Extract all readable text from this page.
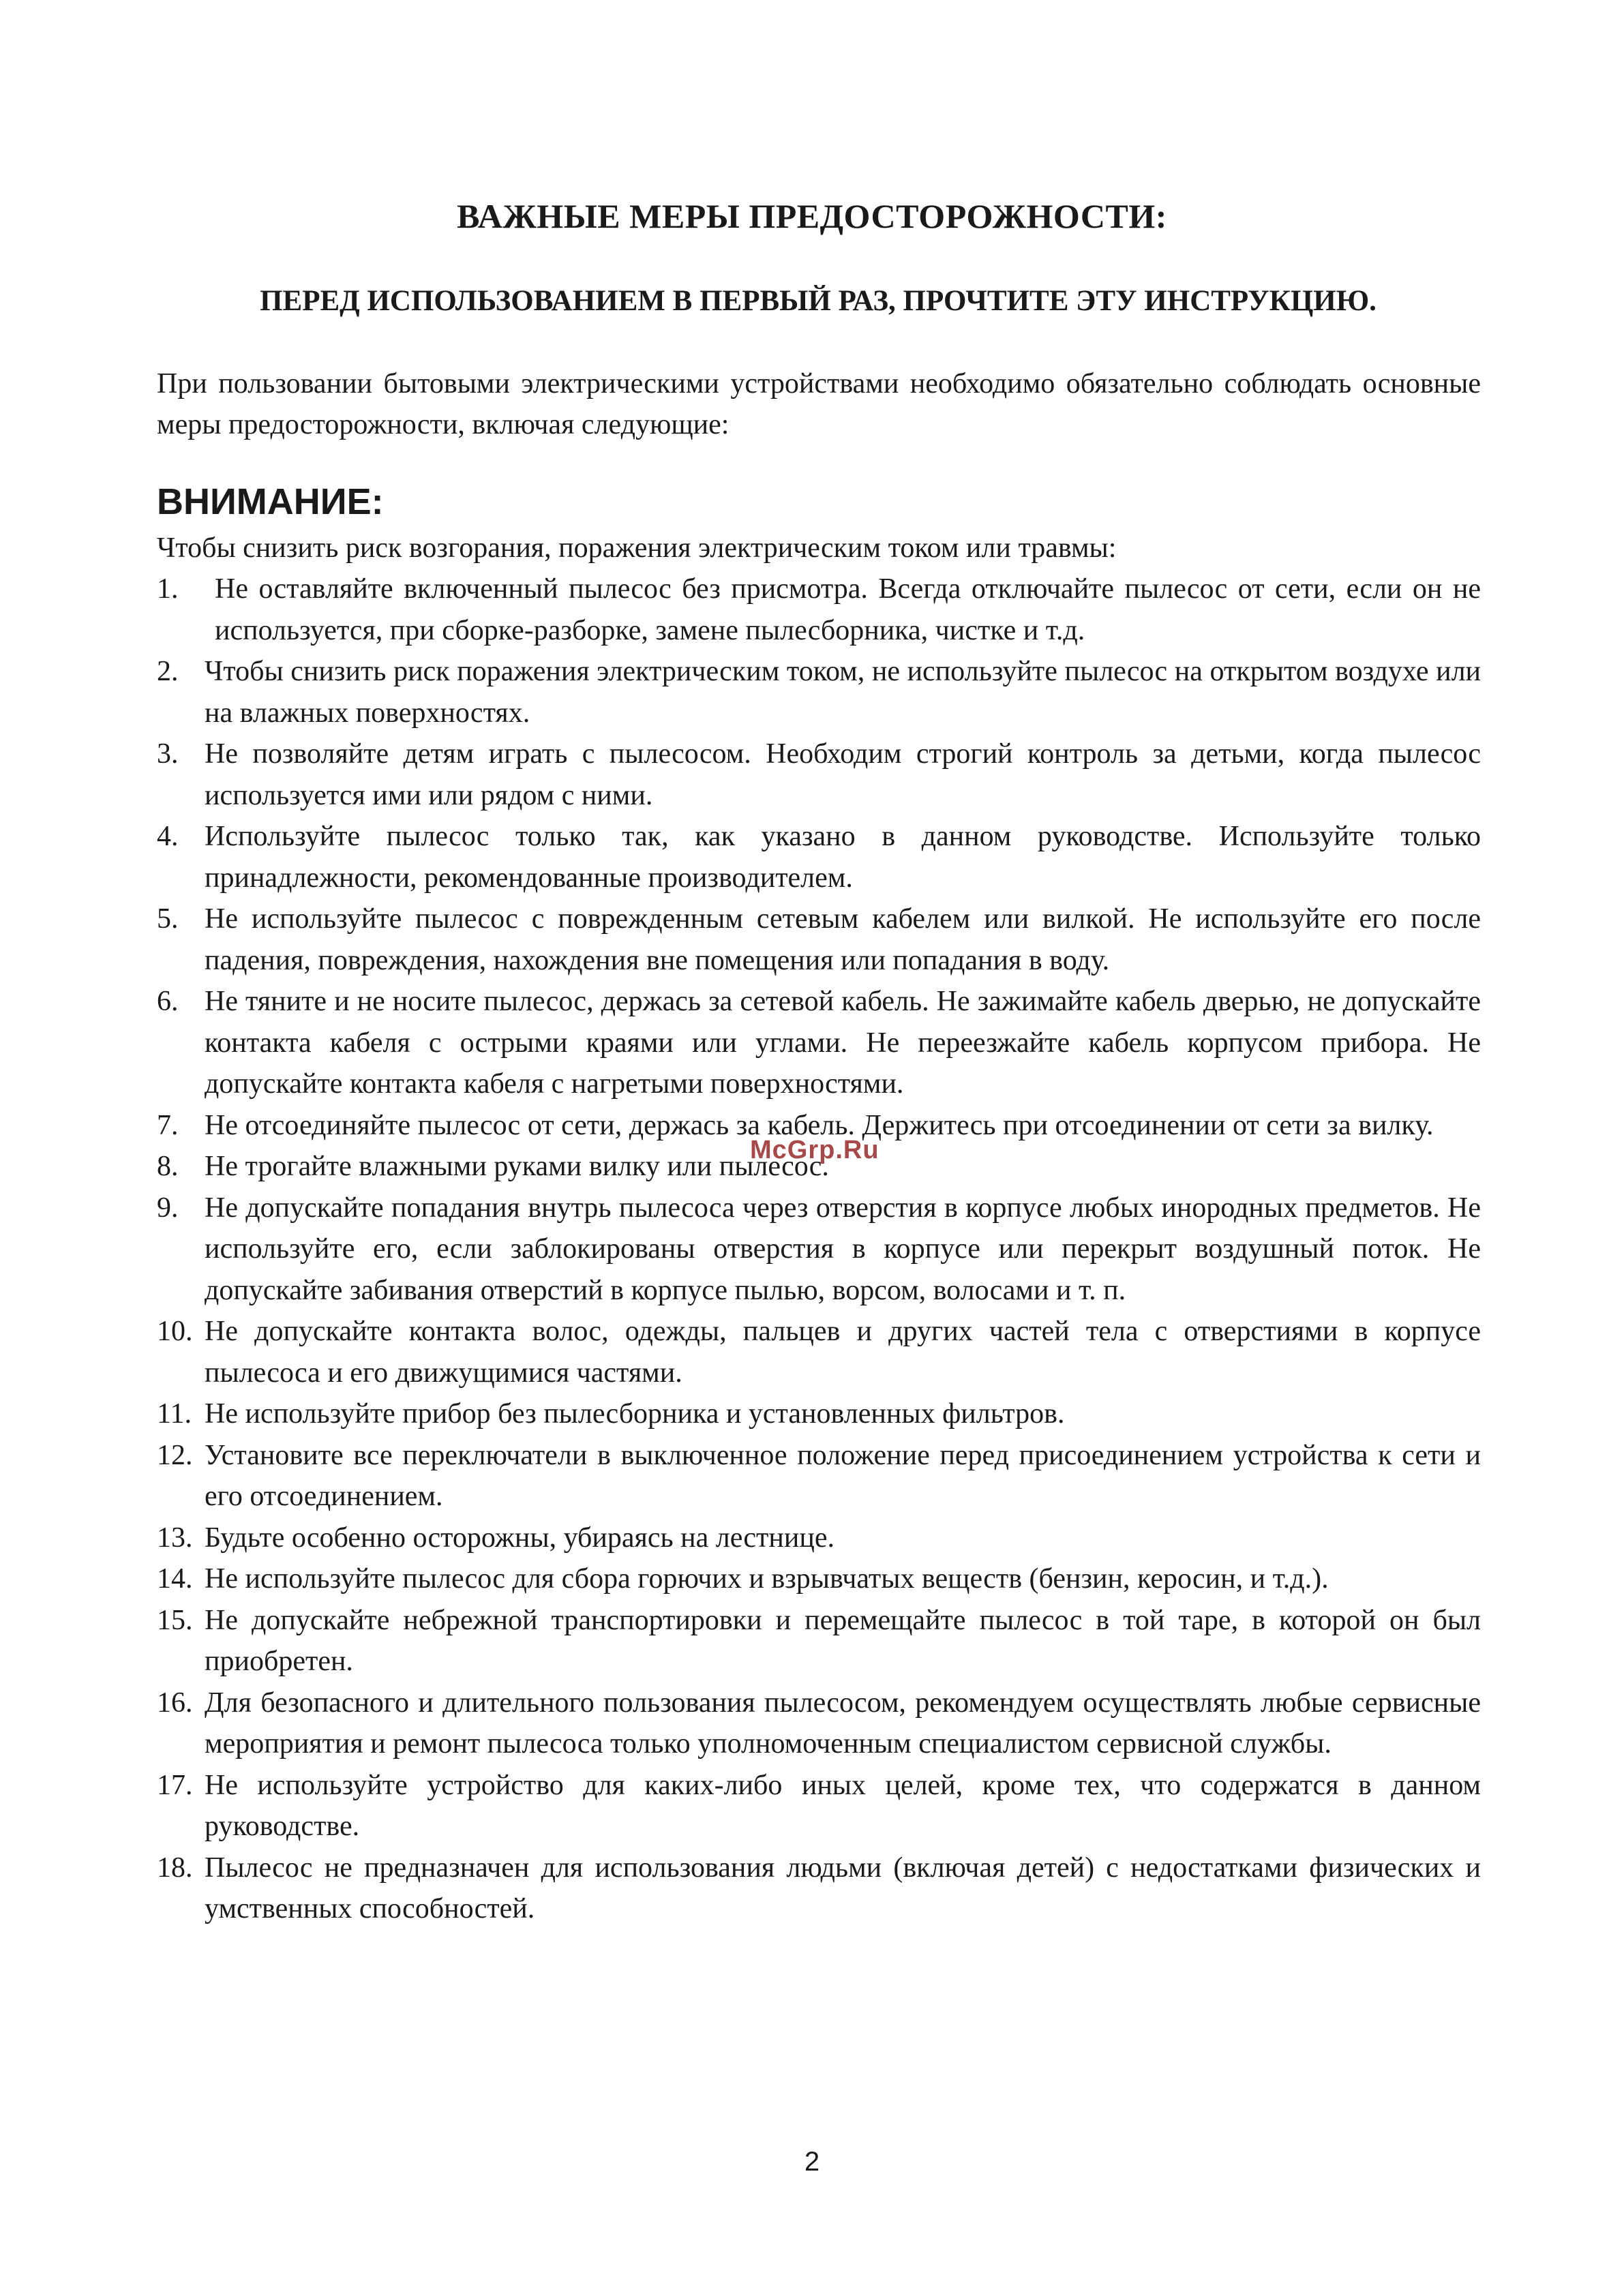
ВАЖНЫЕ МЕРЫ ПРЕДОСТОРОЖНОСТИ:
ПЕРЕД ИСПОЛЬЗОВАНИЕМ В ПЕРВЫЙ РАЗ, ПРОЧТИТЕ ЭТУ ИНСТРУКЦИЮ.
При пользовании бытовыми электрическими устройствами необходимо обязательно соблюдать основные меры предосторожности, включая следующие:
ВНИМАНИЕ:
Чтобы снизить риск возгорания, поражения электрическим током или травмы:
1. Не оставляйте включенный пылесос без присмотра. Всегда отключайте пылесос от сети, если он не используется, при сборке-разборке, замене пылесборника, чистке и т.д.
2. Чтобы снизить риск поражения электрическим током, не используйте пылесос на открытом воздухе или на влажных поверхностях.
3. Не позволяйте детям играть с пылесосом. Необходим строгий контроль за детьми, когда пылесос используется ими или рядом с ними.
4. Используйте пылесос только так, как указано в данном руководстве. Используйте только принадлежности, рекомендованные производителем.
5. Не используйте пылесос с поврежденным сетевым кабелем или вилкой. Не используйте его после падения, повреждения, нахождения вне помещения или попадания в воду.
6. Не тяните и не носите пылесос, держась за сетевой кабель. Не зажимайте кабель дверью, не допускайте контакта кабеля с острыми краями или углами. Не переезжайте кабель корпусом прибора. Не допускайте контакта кабеля с нагретыми поверхностями.
7. Не отсоединяйте пылесос от сети, держась за кабель. Держитесь при отсоединении от сети за вилку.
8. Не трогайте влажными руками вилку или пылесос.
9. Не допускайте попадания внутрь пылесоса через отверстия в корпусе любых инородных предметов. Не используйте его, если заблокированы отверстия в корпусе или перекрыт воздушный поток. Не допускайте забивания отверстий в корпусе пылью, ворсом, волосами и т. п.
10. Не допускайте контакта волос, одежды, пальцев и других частей тела с отверстиями в корпусе пылесоса и его движущимися частями.
11. Не используйте прибор без пылесборника и установленных фильтров.
12. Установите все переключатели в выключенное положение перед присоединением устройства к сети и его отсоединением.
13. Будьте особенно осторожны, убираясь на лестнице.
14. Не используйте пылесос для сбора горючих и взрывчатых веществ (бензин, керосин, и т.д.).
15. Не допускайте небрежной транспортировки и перемещайте пылесос в той таре, в которой он был приобретен.
16. Для безопасного и длительного пользования пылесосом, рекомендуем осуществлять любые сервисные мероприятия и ремонт пылесоса только уполномоченным специалистом сервисной службы.
17. Не используйте устройство для каких-либо иных целей, кроме тех, что содержатся в данном руководстве.
18. Пылесос не предназначен для использования людьми (включая детей) с недостатками физических и умственных способностей.
McGrp.Ru
2
